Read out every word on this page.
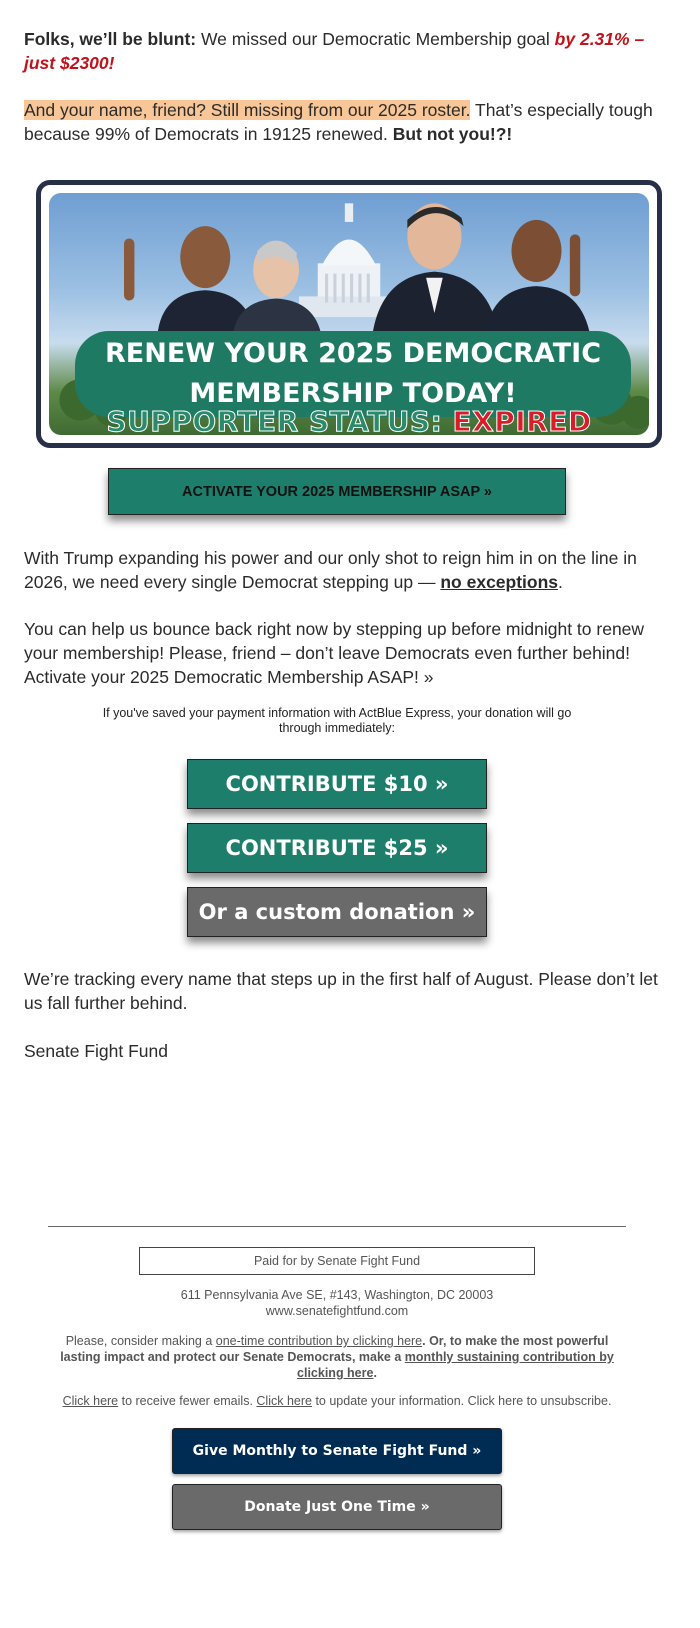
Folks, we’ll be blunt: We missed our Democratic Membership goal by 2.31% – just $2300!
And your name, friend? Still missing from our 2025 roster. That’s especially tough because 99% of Democrats in 19125 renewed. But not you!?!
RENEW YOUR 2025 DEMOCRATIC
MEMBERSHIP TODAY!
SUPPORTER STATUS: EXPIRED
ACTIVATE YOUR 2025 MEMBERSHIP ASAP »
With Trump expanding his power and our only shot to reign him in on the line in 2026, we need every single Democrat stepping up — no exceptions.
You can help us bounce back right now by stepping up before midnight to renew your membership! Please, friend – don’t leave Democrats even further behind! Activate your 2025 Democratic Membership ASAP! »
If you've saved your payment information with ActBlue Express, your donation will go through immediately:
CONTRIBUTE $10 »
CONTRIBUTE $25 »
Or a custom donation »
We’re tracking every name that steps up in the first half of August. Please don’t let us fall further behind.
Senate Fight Fund
Paid for by Senate Fight Fund
611 Pennsylvania Ave SE, #143, Washington, DC 20003
www.senatefightfund.com
Please, consider making a one-time contribution by clicking here. Or, to make the most powerful lasting impact and protect our Senate Democrats, make a monthly sustaining contribution by clicking here.
Click here to receive fewer emails. Click here to update your information. Click here to unsubscribe.
Give Monthly to Senate Fight Fund »
Donate Just One Time »
